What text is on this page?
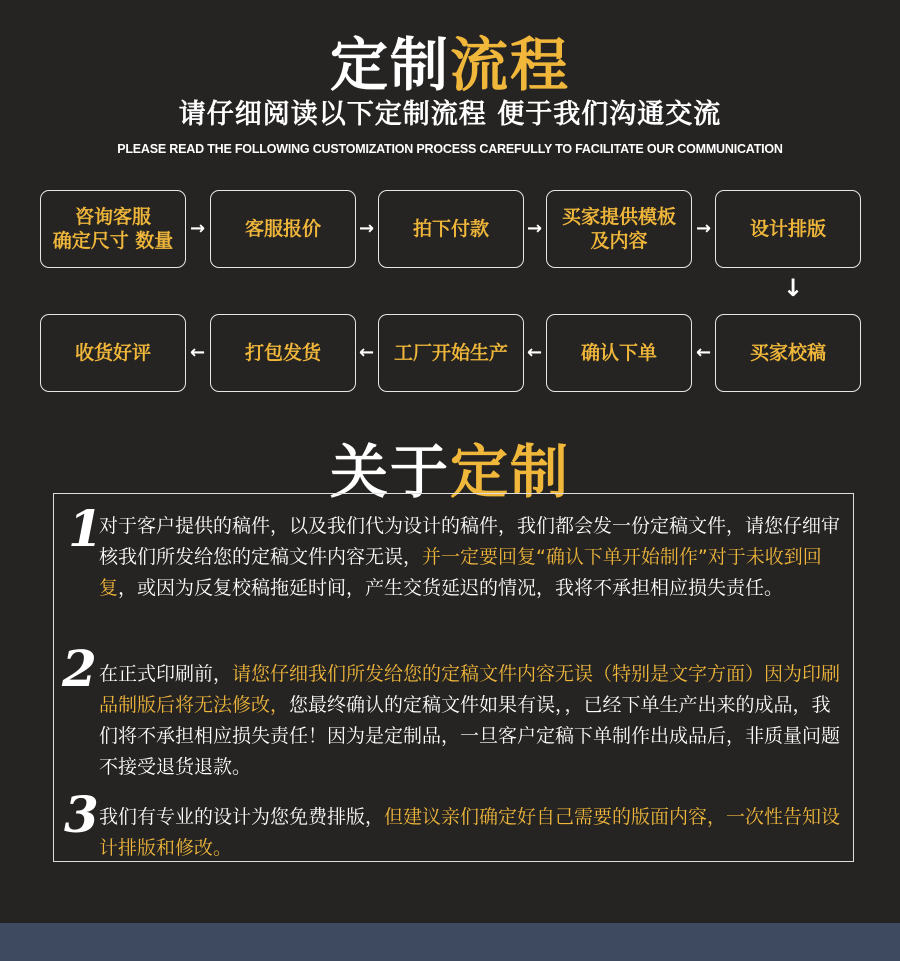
定制流程
请仔细阅读以下定制流程 便于我们沟通交流
PLEASE READ THE FOLLOWING CUSTOMIZATION PROCESS CAREFULLY TO FACILITATE OUR COMMUNICATION
咨询客服
确定尺寸 数量
客服报价	拍下付款
买家提供模板
及内容
设计排版
→	→	→	→
↓
买家校稿
确认下单
工厂开始生产
打包发货
收货好评	←
←
←
←
关于定制
1
对于客户提供的稿件，以及我们代为设计的稿件，我们都会发一份定稿文件，请您仔细审核我们所发给您的定稿文件内容无误，并一定要回复“确认下单开始制作”对于未收到回复，或因为反复校稿拖延时间，产生交货延迟的情况，我将不承担相应损失责任。
2 在正式印刷前，请您仔细我们所发给您的定稿文件内容无误（特别是文字方面）因为印刷品制版后将无法修改，您最终确认的定稿文件如果有误，，已经下单生产出来的成品，我们将不承担相应损失责任！因为是定制品，一旦客户定稿下单制作出成品后，非质量问题不接受退货退款。
3 我们有专业的设计为您免费排版，但建议亲们确定好自己需要的版面内容，一次性告知设计排版和修改。
